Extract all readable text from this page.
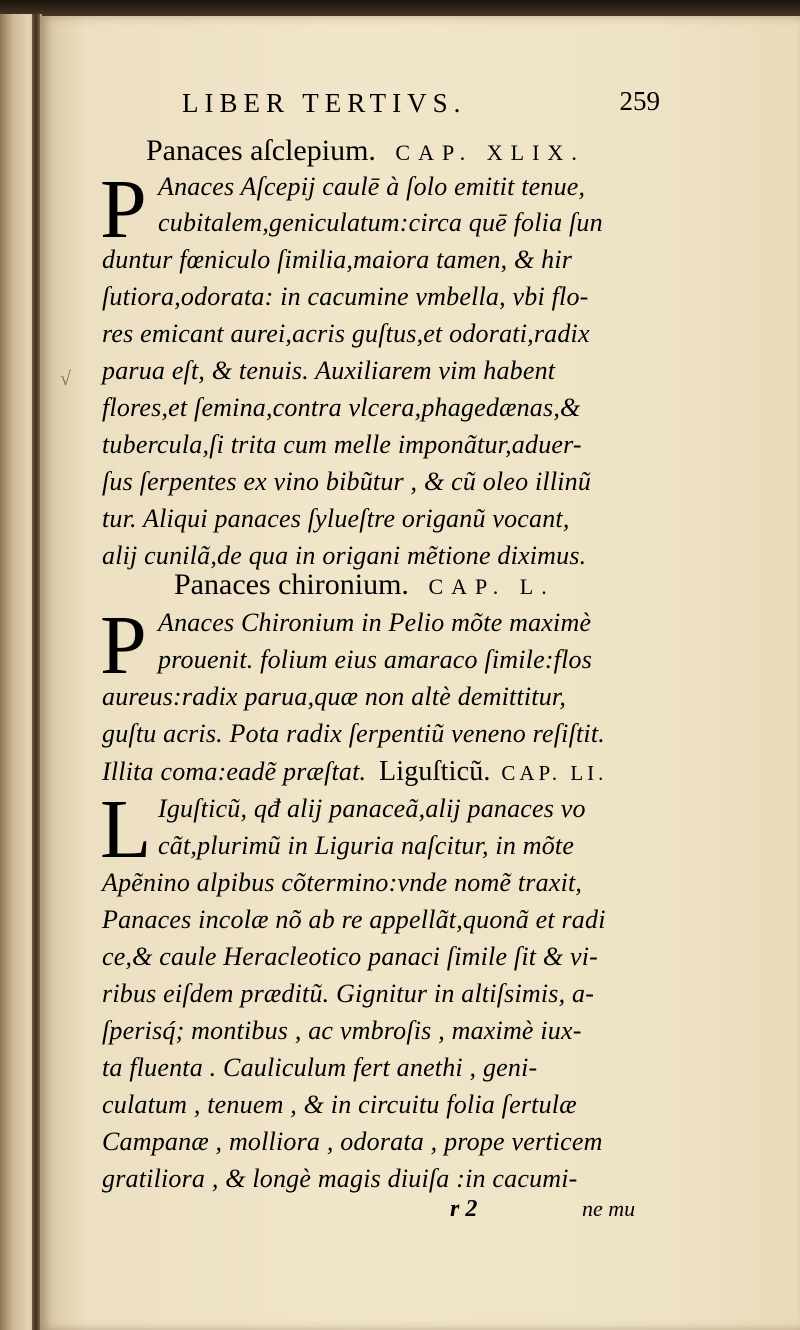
√
LIBER TERTIVS.	259
Panaces aſclepium. CAP. XLIX.
P Anaces Aſcepij caulē à ſolo emitit tenue,
cubitalem,geniculatum:circa quē folia ſun
duntur fœniculo ſimilia,maiora tamen, & hir
ſutiora,odorata: in cacumine vmbella, vbi flo-
res emicant aurei,acris guſtus,et odorati,radix
parua eſt, & tenuis. Auxiliarem vim habent
flores,et ſemina,contra vlcera,phagedænas,&
tubercula,ſi trita cum melle imponãtur,aduer-
ſus ſerpentes ex vino bibũtur , & cũ oleo illinũ
tur. Aliqui panaces ſylueſtre origanũ vocant,
alij cunilã,de qua in origani mẽtione diximus.
Panaces chironium. CAP. L.
P Anaces Chironium in Pelio mõte maximè
prouenit. folium eius amaraco ſimile:flos
aureus:radix parua,quæ non altè demittitur,
guſtu acris. Pota radix ſerpentiũ veneno reſiſtit.
Illita coma:eadẽ præſtat. Liguſticũ. CAP. LI.
L Iguſticũ, qđ alij panaceã,alij panaces vo
cãt,plurimũ in Liguria naſcitur, in mõte
Apẽnino alpibus cõtermino:vnde nomẽ traxit,
Panaces incolæ nõ ab re appellãt,quonã et radi
ce,& caule Heracleotico panaci ſimile ſit & vi-
ribus eiſdem præditũ. Gignitur in altiſsimis, a-
ſperisq́; montibus , ac vmbroſis , maximè iux-
ta fluenta . Cauliculum fert anethi , geni-
culatum , tenuem , & in circuitu folia ſertulæ
Campanæ , molliora , odorata , prope verticem
gratiliora , & longè magis diuiſa :in cacumi-
r 2	ne mu
